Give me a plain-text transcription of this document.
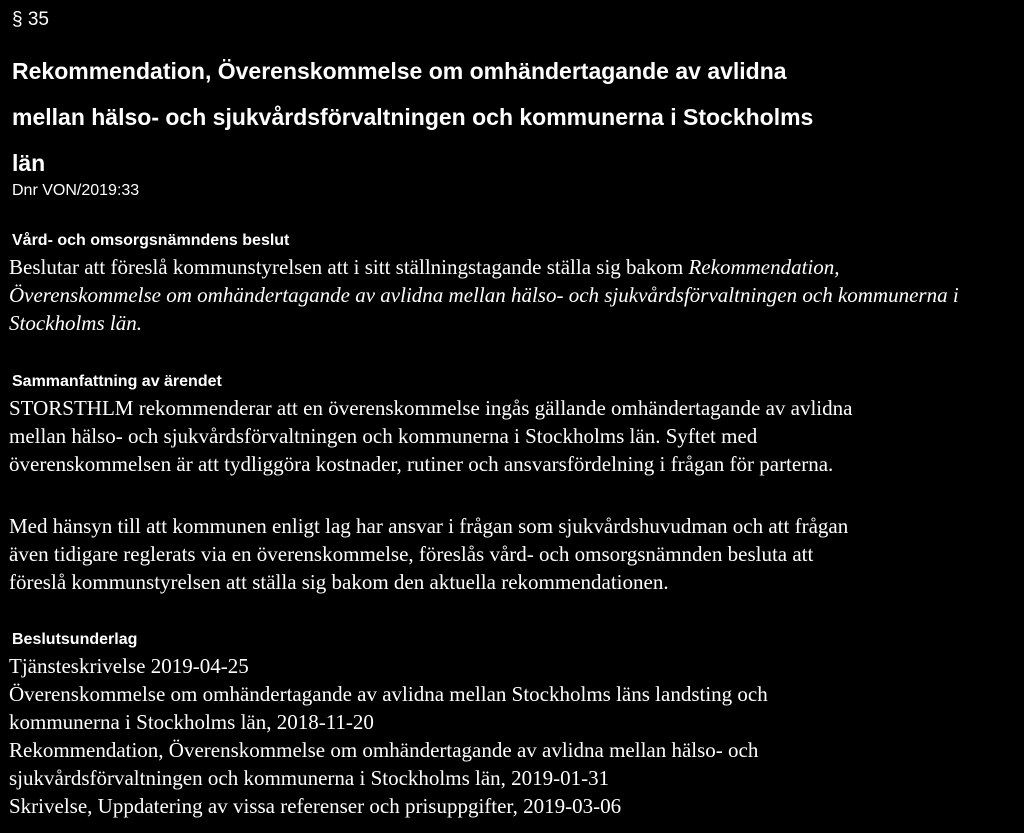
§ 35
Rekommendation, Överenskommelse om omhändertagande av avlidna
mellan hälso- och sjukvårdsförvaltningen och kommunerna i Stockholms
län
Dnr VON/2019:33
Vård- och omsorgsnämndens beslut
Beslutar att föreslå kommunstyrelsen att i sitt ställningstagande ställa sig bakom Rekommendation,
Överenskommelse om omhändertagande av avlidna mellan hälso- och sjukvårdsförvaltningen och kommunerna i
Stockholms län.
Sammanfattning av ärendet
STORSTHLM rekommenderar att en överenskommelse ingås gällande omhändertagande av avlidna
mellan hälso- och sjukvårdsförvaltningen och kommunerna i Stockholms län. Syftet med
överenskommelsen är att tydliggöra kostnader, rutiner och ansvarsfördelning i frågan för parterna.
Med hänsyn till att kommunen enligt lag har ansvar i frågan som sjukvårdshuvudman och att frågan
även tidigare reglerats via en överenskommelse, föreslås vård- och omsorgsnämnden besluta att
föreslå kommunstyrelsen att ställa sig bakom den aktuella rekommendationen.
Beslutsunderlag
Tjänsteskrivelse 2019-04-25
Överenskommelse om omhändertagande av avlidna mellan Stockholms läns landsting och
kommunerna i Stockholms län, 2018-11-20
Rekommendation, Överenskommelse om omhändertagande av avlidna mellan hälso- och
sjukvårdsförvaltningen och kommunerna i Stockholms län, 2019-01-31
Skrivelse, Uppdatering av vissa referenser och prisuppgifter, 2019-03-06
